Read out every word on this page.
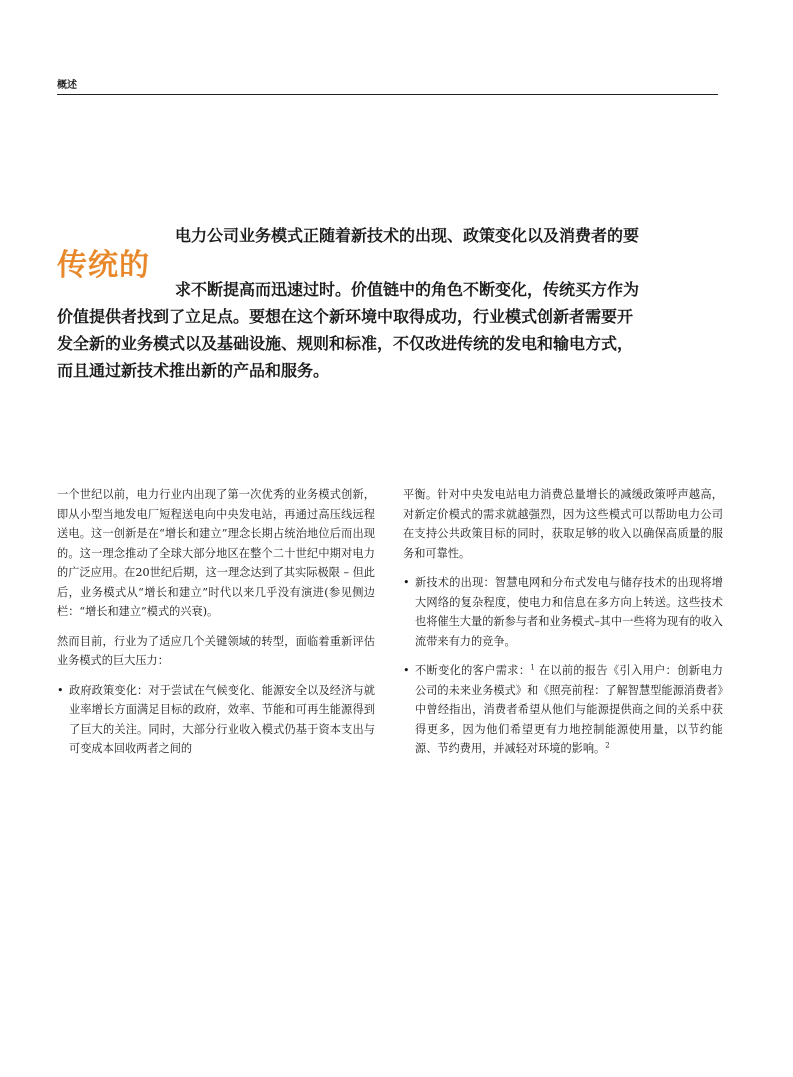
概述
传统的
电力公司业务模式正随着新技术的出现、政策变化以及消费者的要
求不断提高而迅速过时。价值链中的角色不断变化，传统买方作为
价值提供者找到了立足点。要想在这个新环境中取得成功，行业模式创新者需要开
发全新的业务模式以及基础设施、规则和标准，不仅改进传统的发电和输电方式，
而且通过新技术推出新的产品和服务。

一个世纪以前，电力行业内出现了第一次优秀的业务模式创新，即从小型当地发电厂短程送电向中央发电站，再通过高压线远程送电。这一创新是在“增长和建立”理念长期占统治地位后而出现的。这一理念推动了全球大部分地区在整个二十世纪中期对电力的广泛应用。在20世纪后期，这一理念达到了其实际极限 – 但此后，业务模式从“增长和建立”时代以来几乎没有演进(参见侧边栏：“增长和建立”模式的兴衰)。

然而目前，行业为了适应几个关键领域的转型，面临着重新评估业务模式的巨大压力：

• 政府政策变化：对于尝试在气候变化、能源安全以及经济与就业率增长方面满足目标的政府，效率、节能和可再生能源得到了巨大的关注。同时，大部分行业收入模式仍基于资本支出与可变成本回收两者之间的

平衡。针对中央发电站电力消费总量增长的减缓政策呼声越高，对新定价模式的需求就越强烈，因为这些模式可以帮助电力公司在支持公共政策目标的同时，获取足够的收入以确保高质量的服务和可靠性。

• 新技术的出现：智慧电网和分布式发电与储存技术的出现将增大网络的复杂程度，使电力和信息在多方向上转送。这些技术也将催生大量的新参与者和业务模式–其中一些将为现有的收入流带来有力的竞争。
• 不断变化的客户需求：$^1$ 在以前的报告《引入用户：创新电力公司的未来业务模式》和《照亮前程：了解智慧型能源消费者》中曾经指出，消费者希望从他们与能源提供商之间的关系中获得更多，因为他们希望更有力地控制能源使用量，以节约能源、节约费用，并减轻对环境的影响。$^2$
